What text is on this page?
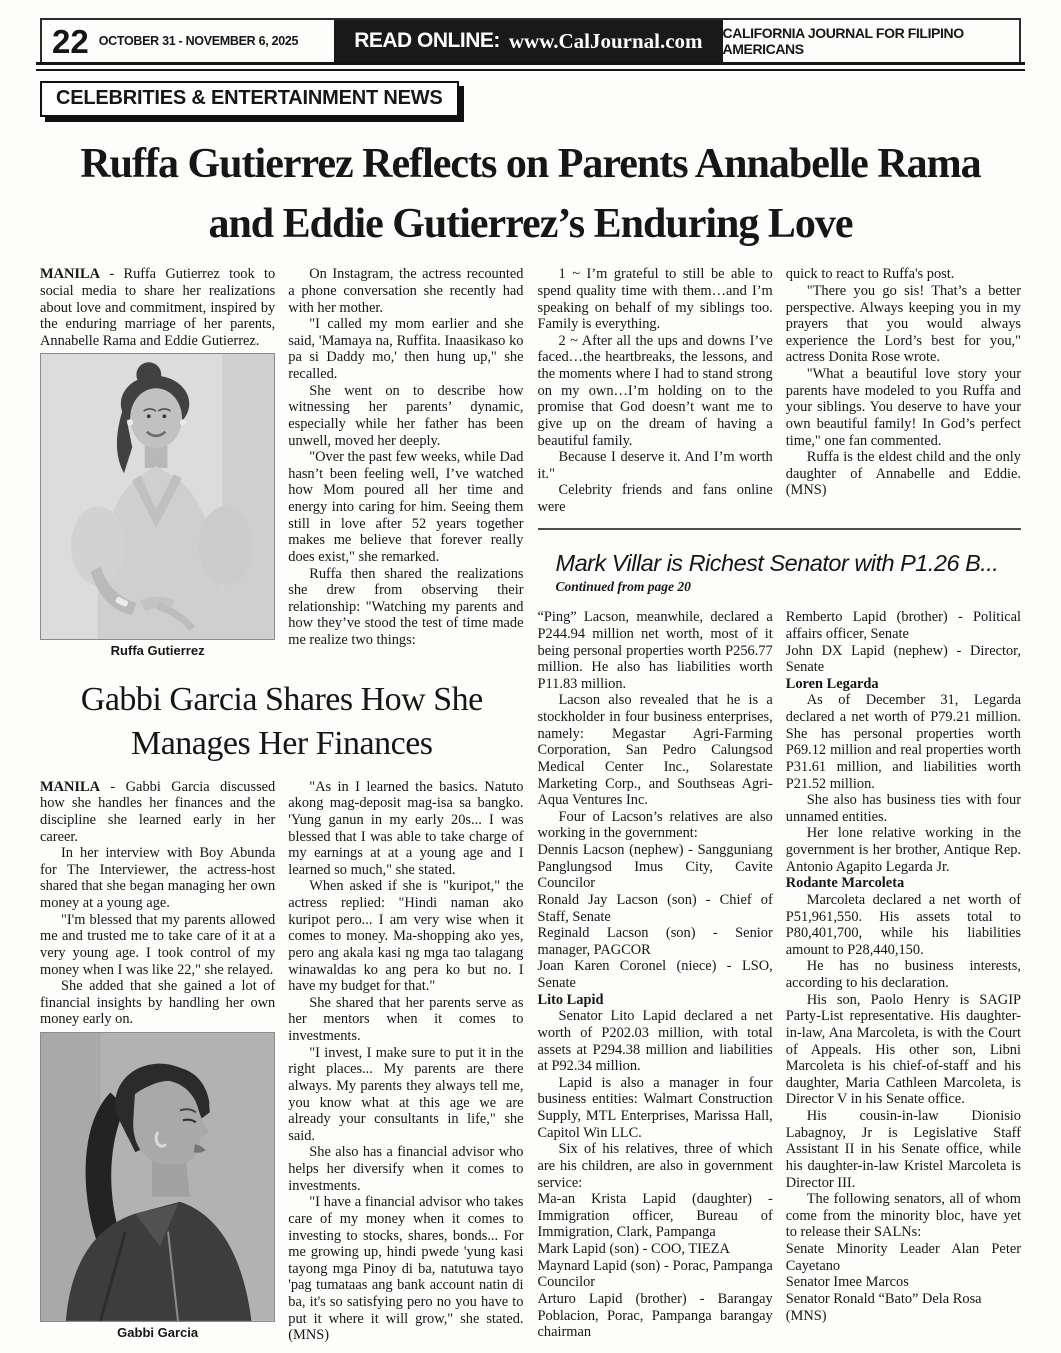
22 OCTOBER 31 - NOVEMBER 6, 2025	READ ONLINE: www.CalJournal.com CALIFORNIA JOURNAL FOR FILIPINO AMERICANS
CELEBRITIES & ENTERTAINMENT NEWS
Ruffa Gutierrez Reflects on Parents Annabelle Rama and Eddie Gutierrez’s Enduring Love

MANILA - Ruffa Gutierrez took to social media to share her realizations about love and commitment, inspired by the enduring marriage of her parents, Annabelle Rama and Eddie Gutierrez.

Ruffa Gutierrez

On Instagram, the actress recounted a phone conversation she recently had with her mother.

"I called my mom earlier and she said, 'Mamaya na, Ruffita. Inaasikaso ko pa si Daddy mo,' then hung up," she recalled.

She went on to describe how witnessing her parents’ dynamic, especially while her father has been unwell, moved her deeply.

"Over the past few weeks, while Dad hasn’t been feeling well, I’ve watched how Mom poured all her time and energy into caring for him. Seeing them still in love after 52 years together makes me believe that forever really does exist," she remarked.

Ruffa then shared the realizations she drew from observing their relationship: "Watching my parents and how they’ve stood the test of time made me realize two things:

Gabbi Garcia Shares How She Manages Her Finances

MANILA - Gabbi Garcia discussed how she handles her finances and the discipline she learned early in her career.

In her interview with Boy Abunda for The Interviewer, the actress-host shared that she began managing her own money at a young age.

"I'm blessed that my parents allowed me and trusted me to take care of it at a very young age. I took control of my money when I was like 22," she relayed.

She added that she gained a lot of financial insights by handling her own money early on.

Gabbi Garcia

"As in I learned the basics. Natuto akong mag-deposit mag-isa sa bangko. 'Yung ganun in my early 20s... I was blessed that I was able to take charge of my earnings at at a young age and I learned so much," she stated.

When asked if she is "kuripot," the actress replied: "Hindi naman ako kuripot pero... I am very wise when it comes to money. Ma-shopping ako yes, pero ang akala kasi ng mga tao talagang winawaldas ko ang pera ko but no. I have my budget for that."

She shared that her parents serve as her mentors when it comes to investments.

"I invest, I make sure to put it in the right places... My parents are there always. My parents they always tell me, you know what at this age we are already your consultants in life," she said.

She also has a financial advisor who helps her diversify when it comes to investments.

"I have a financial advisor who takes care of my money when it comes to investing to stocks, shares, bonds... For me growing up, hindi pwede 'yung kasi tayong mga Pinoy di ba, natutuwa tayo 'pag tumataas ang bank account natin di ba, it's so satisfying pero no you have to put it where it will grow," she stated. (MNS)

1 ~ I’m grateful to still be able to spend quality time with them…and I’m speaking on behalf of my siblings too. Family is everything.

2 ~ After all the ups and downs I’ve faced…the heartbreaks, the lessons, and the moments where I had to stand strong on my own…I’m holding on to the promise that God doesn’t want me to give up on the dream of having a beautiful family.

Because I deserve it. And I’m worth it."

Celebrity friends and fans online were

quick to react to Ruffa's post.

"There you go sis! That’s a better perspective. Always keeping you in my prayers that you would always experience the Lord’s best for you," actress Donita Rose wrote.

"What a beautiful love story your parents have modeled to you Ruffa and your siblings. You deserve to have your own beautiful family! In God’s perfect time," one fan commented.

Ruffa is the eldest child and the only daughter of Annabelle and Eddie. (MNS)

Mark Villar is Richest Senator with P1.26 B...
Continued from page 20

“Ping” Lacson, meanwhile, declared a P244.94 million net worth, most of it being personal properties worth P256.77 million. He also has liabilities worth P11.83 million.

Lacson also revealed that he is a stockholder in four business enterprises, namely: Megastar Agri-Farming Corporation, San Pedro Calungsod Medical Center Inc., Solarestate Marketing Corp., and Southseas Agri-Aqua Ventures Inc.

Four of Lacson’s relatives are also working in the government:

Dennis Lacson (nephew) - Sangguniang Panglungsod Imus City, Cavite Councilor

Ronald Jay Lacson (son) - Chief of Staff, Senate

Reginald Lacson (son) - Senior manager, PAGCOR

Joan Karen Coronel (niece) - LSO, Senate

Lito Lapid

Senator Lito Lapid declared a net worth of P202.03 million, with total assets at P294.38 million and liabilities at P92.34 million.

Lapid is also a manager in four business entities: Walmart Construction Supply, MTL Enterprises, Marissa Hall, Capitol Win LLC.

Six of his relatives, three of which are his children, are also in government service:

Ma-an Krista Lapid (daughter) - Immigration officer, Bureau of Immigration, Clark, Pampanga

Mark Lapid (son) - COO, TIEZA

Maynard Lapid (son) - Porac, Pampanga Councilor

Arturo Lapid (brother) - Barangay Poblacion, Porac, Pampanga barangay chairman

Remberto Lapid (brother) - Political affairs officer, Senate

John DX Lapid (nephew) - Director, Senate

Loren Legarda

As of December 31, Legarda declared a net worth of P79.21 million. She has personal properties worth P69.12 million and real properties worth P31.61 million, and liabilities worth P21.52 million.

She also has business ties with four unnamed entities.

Her lone relative working in the government is her brother, Antique Rep. Antonio Agapito Legarda Jr.

Rodante Marcoleta

Marcoleta declared a net worth of P51,961,550. His assets total to P80,401,700, while his liabilities amount to P28,440,150.

He has no business interests, according to his declaration.

His son, Paolo Henry is SAGIP Party-List representative. His daughter-in-law, Ana Marcoleta, is with the Court of Appeals. His other son, Libni Marcoleta is his chief-of-staff and his daughter, Maria Cathleen Marcoleta, is Director V in his Senate office.

His cousin-in-law Dionisio Labagnoy, Jr is Legislative Staff Assistant II in his Senate office, while his daughter-in-law Kristel Marcoleta is Director III.

The following senators, all of whom come from the minority bloc, have yet to release their SALNs:

Senate Minority Leader Alan Peter Cayetano

Senator Imee Marcos

Senator Ronald “Bato” Dela Rosa

(MNS)
